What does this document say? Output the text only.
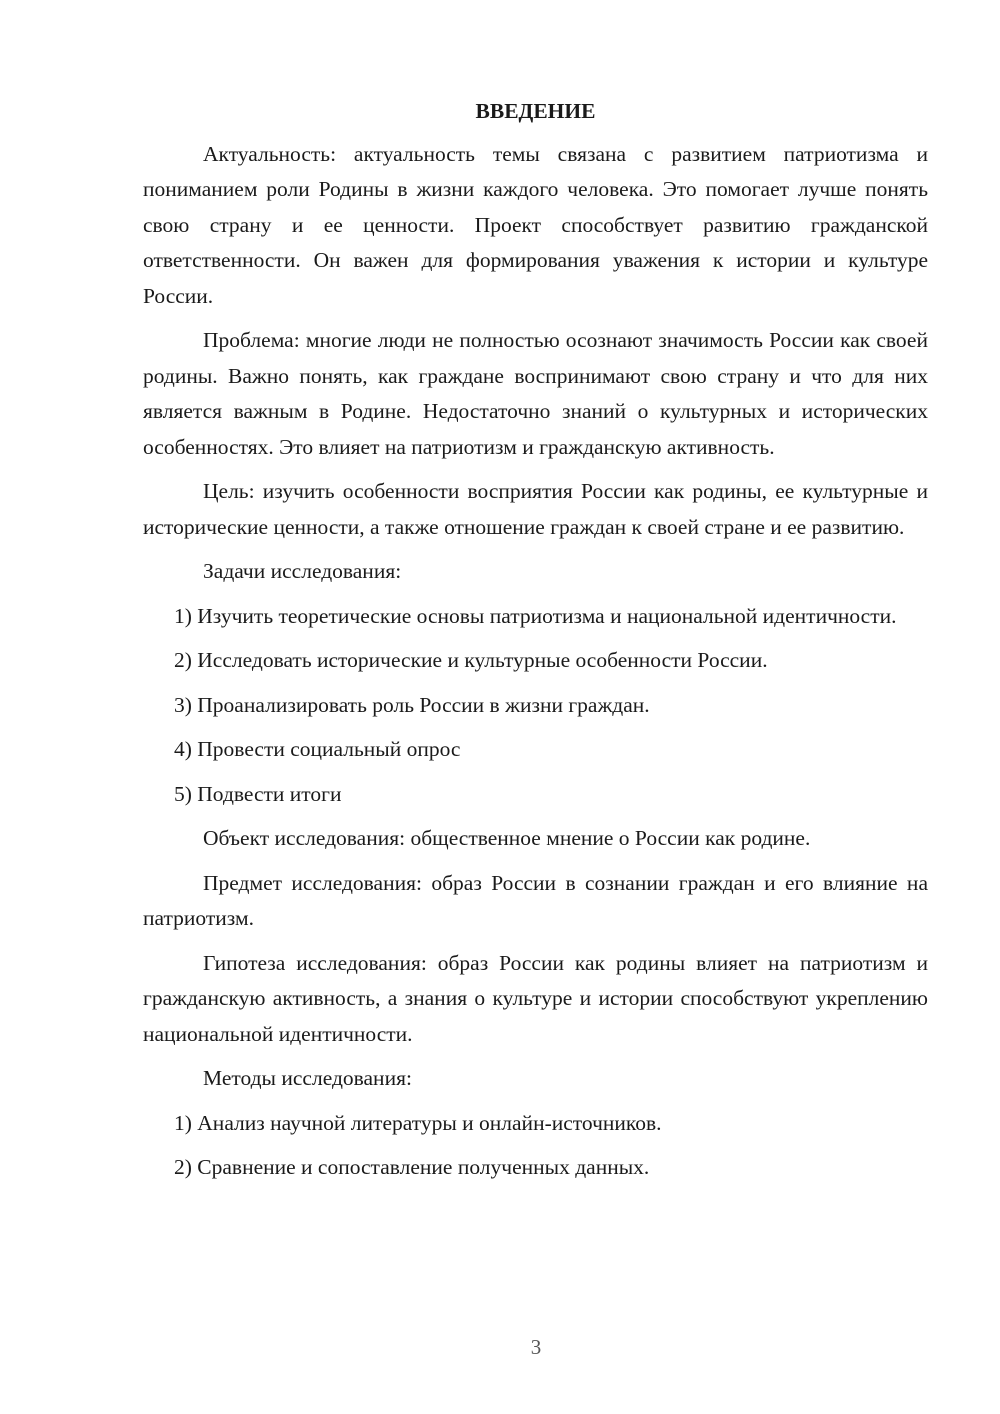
ВВЕДЕНИЕ

Актуальность: актуальность темы связана с развитием патриотизма и пониманием роли Родины в жизни каждого человека. Это помогает лучше понять свою страну и ее ценности. Проект способствует развитию гражданской ответственности. Он важен для формирования уважения к истории и культуре России.

Проблема: многие люди не полностью осознают значимость России как своей родины. Важно понять, как граждане воспринимают свою страну и что для них является важным в Родине. Недостаточно знаний о культурных и исторических особенностях. Это влияет на патриотизм и гражданскую активность.

Цель: изучить особенности восприятия России как родины, ее культурные и исторические ценности, а также отношение граждан к своей стране и ее развитию.

Задачи исследования:

1) Изучить теоретические основы патриотизма и национальной идентичности.

2) Исследовать исторические и культурные особенности России.

3) Проанализировать роль России в жизни граждан.

4) Провести социальный опрос

5) Подвести итоги

Объект исследования: общественное мнение о России как родине.

Предмет исследования: образ России в сознании граждан и его влияние на патриотизм.

Гипотеза исследования: образ России как родины влияет на патриотизм и гражданскую активность, а знания о культуре и истории способствуют укреплению национальной идентичности.

Методы исследования:

1) Анализ научной литературы и онлайн-источников.

2) Сравнение и сопоставление полученных данных.

3
